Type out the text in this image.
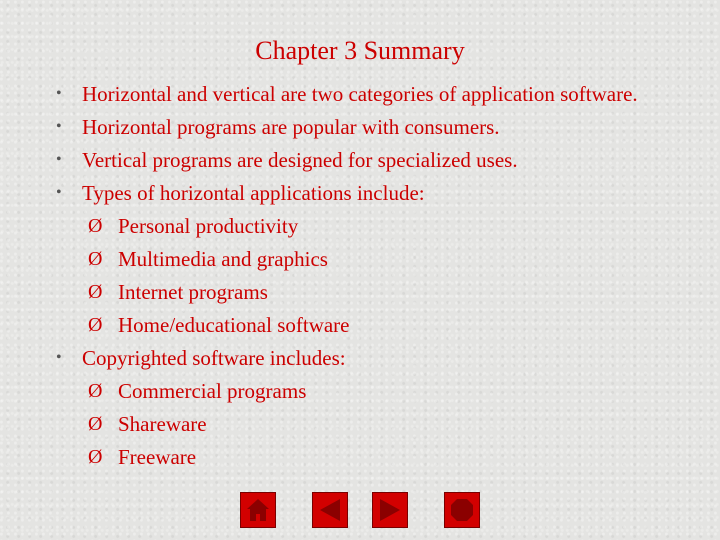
Chapter 3 Summary
• Horizontal and vertical are two categories of application software.
• Horizontal programs are popular with consumers.
• Vertical programs are designed for specialized uses.
• Types of horizontal applications include:
Ø Personal productivity
Ø Multimedia and graphics
Ø Internet programs
Ø Home/educational software
• Copyrighted software includes:
Ø Commercial programs
Ø Shareware
Ø Freeware
